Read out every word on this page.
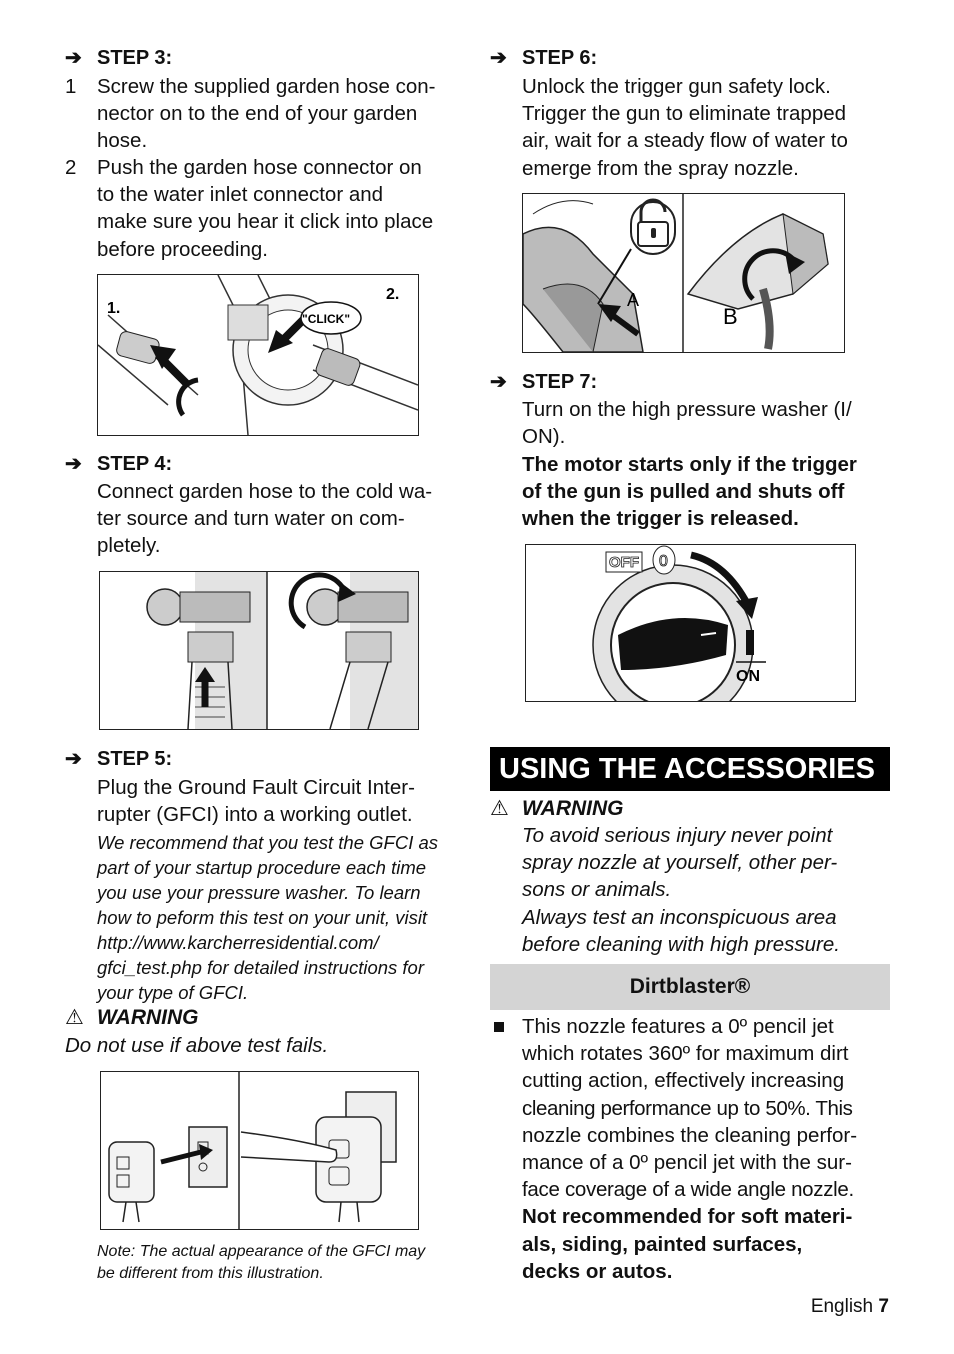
➔ STEP 3:
1 Screw the supplied garden hose con-
nector on to the end of your garden
hose.
2 Push the garden hose connector on
to the water inlet connector and
make sure you hear it click into place
before proceeding.
1.
2.
"CLICK"
➔ STEP 4:
Connect garden hose to the cold wa-
ter source and turn water on com-
pletely.
➔ STEP 5:
Plug the Ground Fault Circuit Inter-
rupter (GFCI) into a working outlet.
We recommend that you test the GFCI as
part of your startup procedure each time
you use your pressure washer. To learn
how to peform this test on your unit, visit
http://www.karcherresidential.com/
gfci_test.php for detailed instructions for
your type of GFCI.
⚠ WARNING
Do not use if above test fails.
Note: The actual appearance of the GFCI may
be different from this illustration.
➔ STEP 6:
Unlock the trigger gun safety lock.
Trigger the gun to eliminate trapped
air, wait for a steady flow of water to
emerge from the spray nozzle.
A
B
➔ STEP 7:
Turn on the high pressure washer (I/
ON).
The motor starts only if the trigger
of the gun is pulled and shuts off
when the trigger is released.
OFF 0
ON
USING THE ACCESSORIES
⚠ WARNING
To avoid serious injury never point
spray nozzle at yourself, other per-
sons or animals.
Always test an inconspicuous area
before cleaning with high pressure.
Dirtblaster®
This nozzle features a 0º pencil jet
which rotates 360º for maximum dirt
cutting action, effectively increasing
cleaning performance up to 50%. This
nozzle combines the cleaning perfor-
mance of a 0º pencil jet with the sur-
face coverage of a wide angle nozzle.
Not recommended for soft materi-
als, siding, painted surfaces,
decks or autos.
English 7
